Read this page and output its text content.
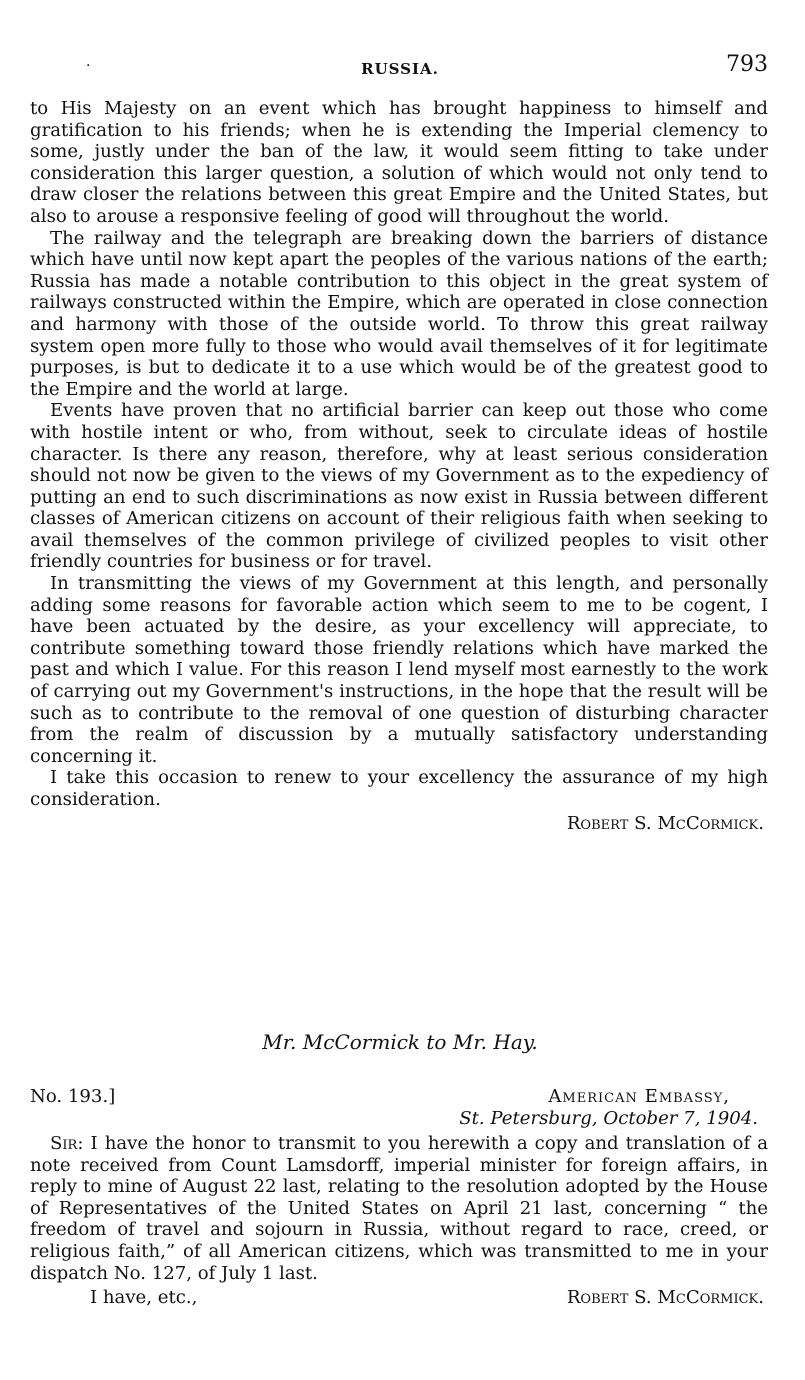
·	RUSSIA.	793

to His Majesty on an event which has brought happiness to himself and gratification to his friends; when he is extending the Imperial clemency to some, justly under the ban of the law, it would seem fitting to take under consideration this larger question, a solution of which would not only tend to draw closer the relations between this great Empire and the United States, but also to arouse a responsive feeling of good will throughout the world.

The railway and the telegraph are breaking down the barriers of distance which have until now kept apart the peoples of the various nations of the earth; Russia has made a notable contribution to this object in the great system of railways constructed within the Empire, which are operated in close connection and harmony with those of the outside world. To throw this great railway system open more fully to those who would avail themselves of it for legitimate purposes, is but to dedicate it to a use which would be of the greatest good to the Empire and the world at large.

Events have proven that no artificial barrier can keep out those who come with hostile intent or who, from without, seek to circulate ideas of hostile character. Is there any reason, therefore, why at least serious consideration should not now be given to the views of my Government as to the expediency of putting an end to such discriminations as now exist in Russia between different classes of American citizens on account of their religious faith when seeking to avail themselves of the common privilege of civilized peoples to visit other friendly countries for business or for travel.

In transmitting the views of my Government at this length, and personally adding some reasons for favorable action which seem to me to be cogent, I have been actuated by the desire, as your excellency will appreciate, to contribute something toward those friendly relations which have marked the past and which I value. For this reason I lend myself most earnestly to the work of carrying out my Government's instructions, in the hope that the result will be such as to contribute to the removal of one question of disturbing character from the realm of discussion by a mutually satisfactory understanding concerning it.

I take this occasion to renew to your excellency the assurance of my high consideration.

Robert S. McCormick.
Mr. McCormick to Mr. Hay.
No. 193.]	American Embassy,
St. Petersburg, October 7, 1904.

Sir: I have the honor to transmit to you herewith a copy and translation of a note received from Count Lamsdorff, imperial minister for foreign affairs, in reply to mine of August 22 last, relating to the resolution adopted by the House of Representatives of the United States on April 21 last, concerning “ the freedom of travel and sojourn in Russia, without regard to race, creed, or religious faith,” of all American citizens, which was transmitted to me in your dispatch No. 127, of July 1 last.

I have, etc.,	Robert S. McCormick.
